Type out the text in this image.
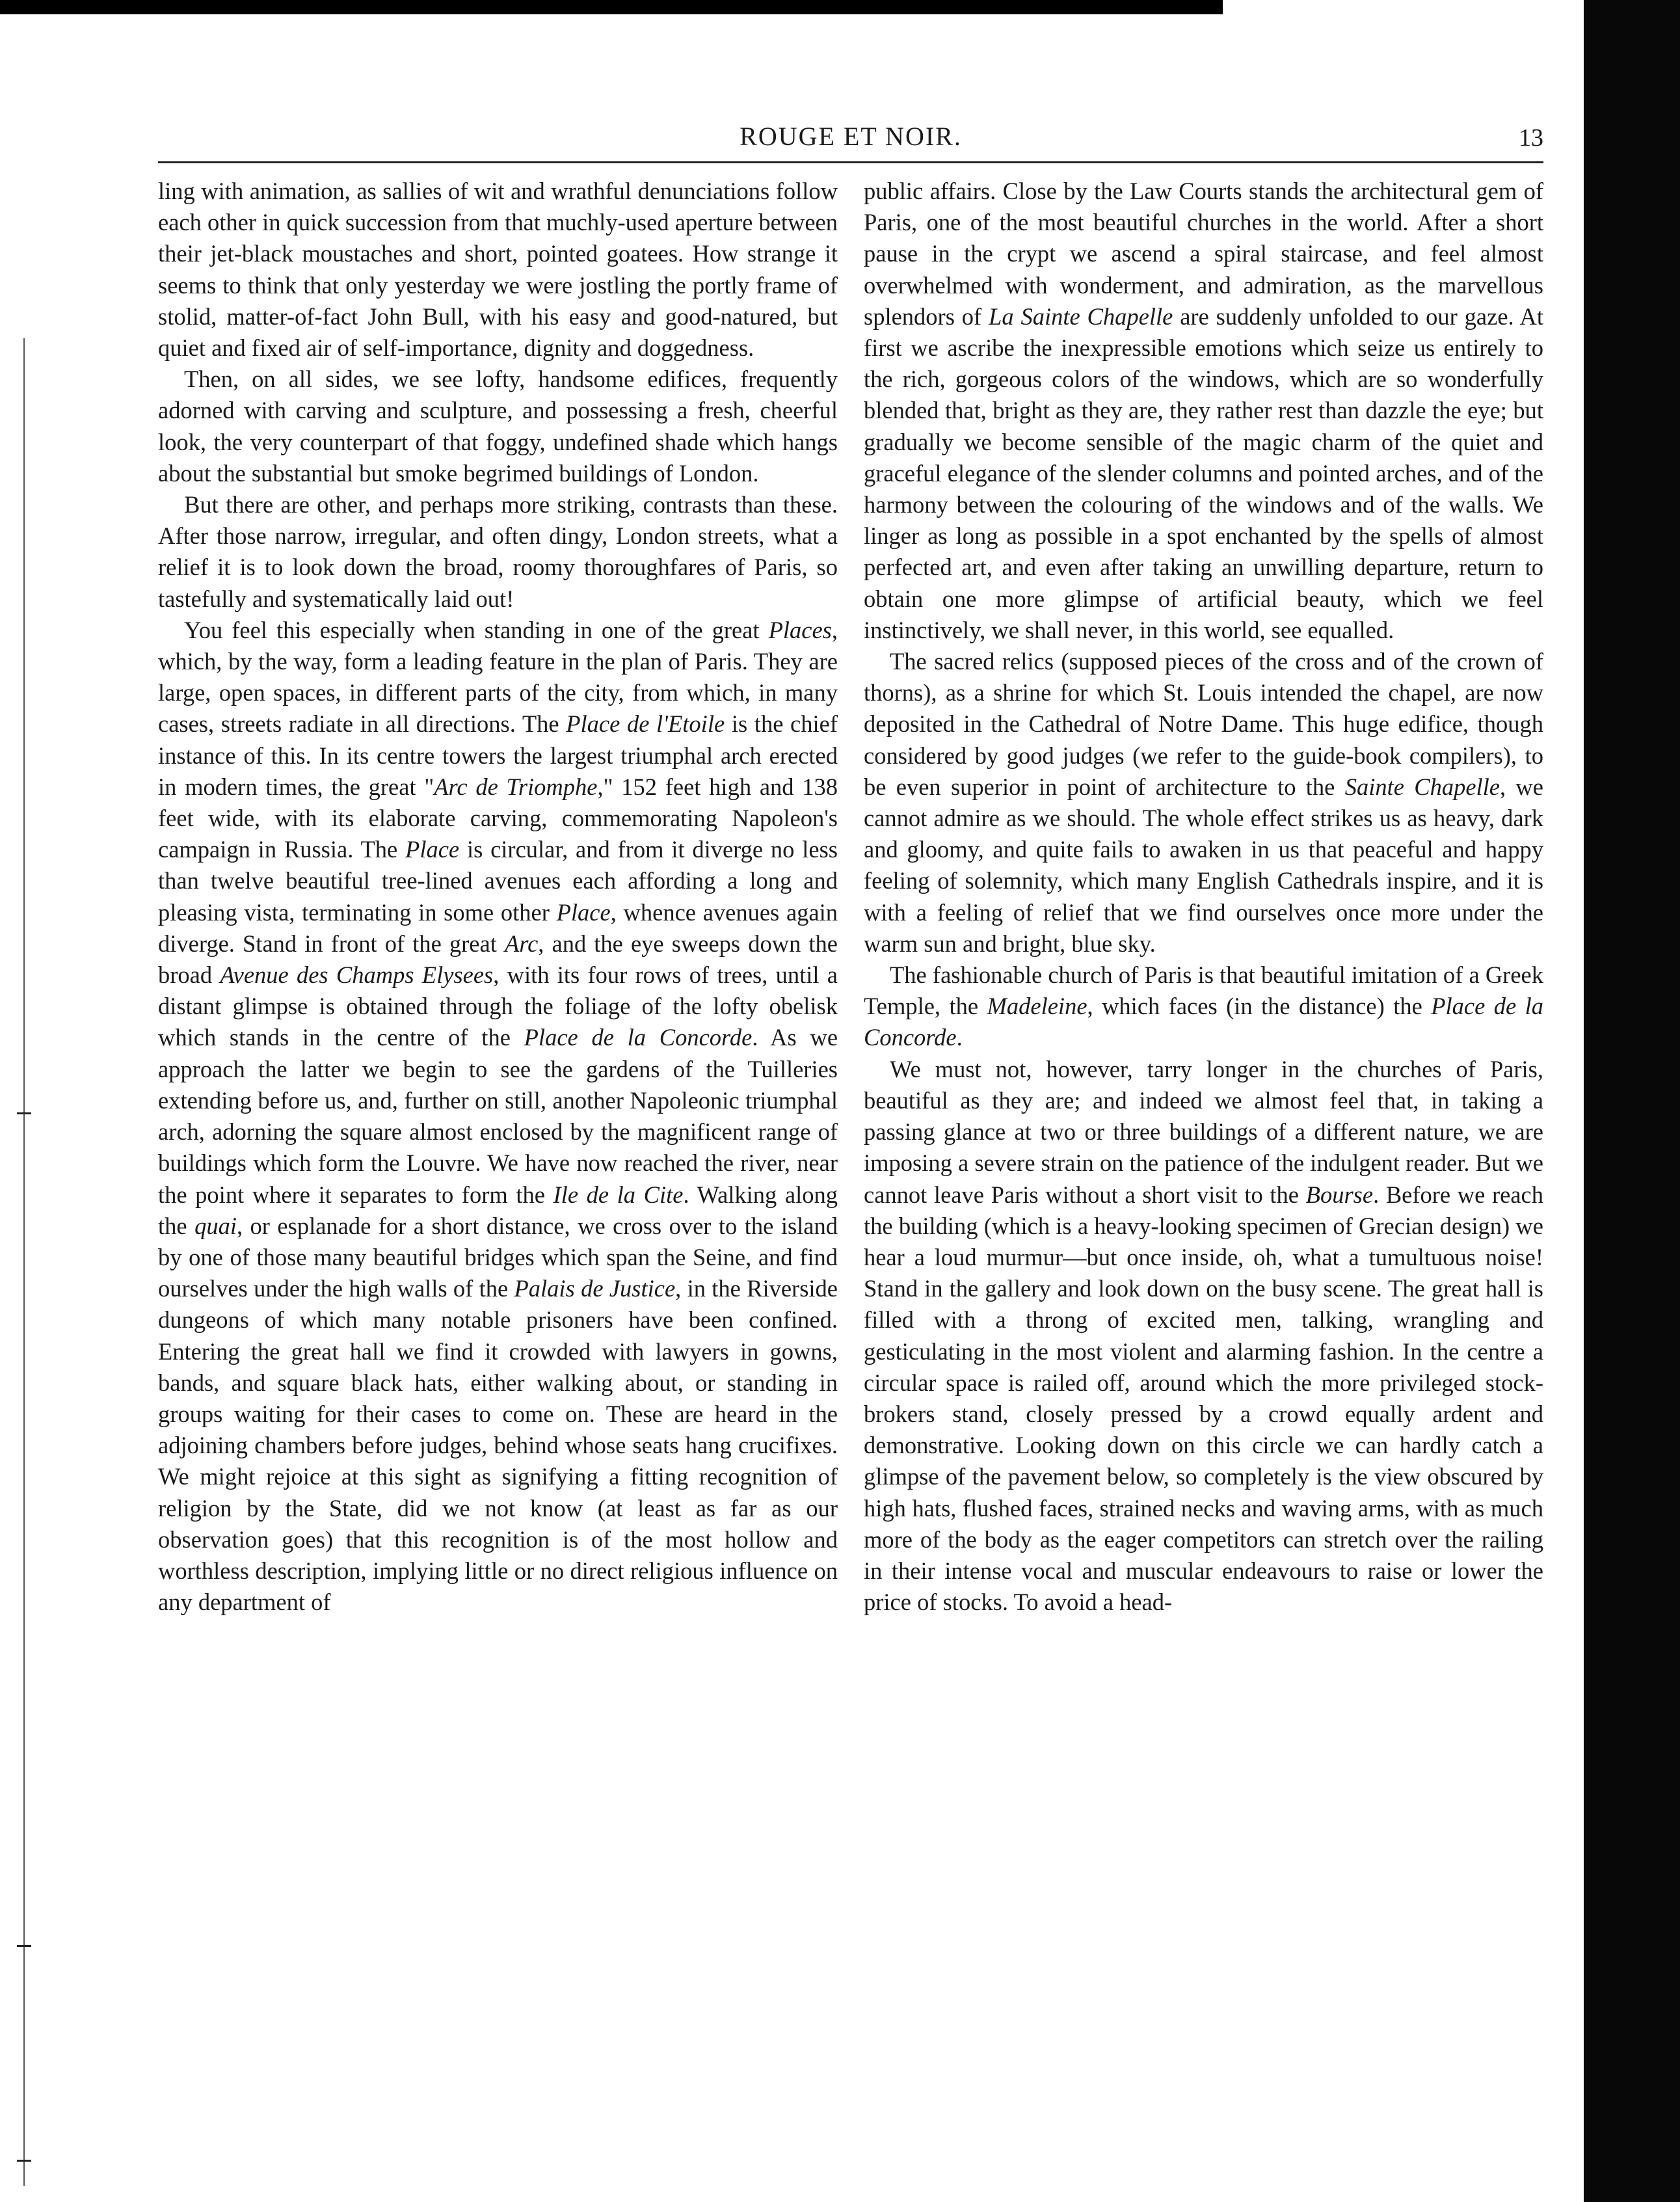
ROUGE ET NOIR.	13

ling with animation, as sallies of wit and wrathful denunciations follow each other in quick succession from that muchly-used aperture between their jet-black moustaches and short, pointed goatees. How strange it seems to think that only yesterday we were jostling the portly frame of stolid, matter-of-fact John Bull, with his easy and good-natured, but quiet and fixed air of self-importance, dignity and doggedness.

Then, on all sides, we see lofty, handsome edifices, frequently adorned with carving and sculpture, and possessing a fresh, cheerful look, the very counterpart of that foggy, undefined shade which hangs about the substantial but smoke begrimed buildings of London.

But there are other, and perhaps more striking, contrasts than these. After those narrow, irregular, and often dingy, London streets, what a relief it is to look down the broad, roomy thoroughfares of Paris, so tastefully and systematically laid out!

You feel this especially when standing in one of the great Places, which, by the way, form a leading feature in the plan of Paris. They are large, open spaces, in different parts of the city, from which, in many cases, streets radiate in all directions. The Place de l'Etoile is the chief instance of this. In its centre towers the largest triumphal arch erected in modern times, the great "Arc de Triomphe," 152 feet high and 138 feet wide, with its elaborate carving, commemorating Napoleon's campaign in Russia. The Place is circular, and from it diverge no less than twelve beautiful tree-lined avenues each affording a long and pleasing vista, terminating in some other Place, whence avenues again diverge. Stand in front of the great Arc, and the eye sweeps down the broad Avenue des Champs Elysees, with its four rows of trees, until a distant glimpse is obtained through the foliage of the lofty obelisk which stands in the centre of the Place de la Concorde. As we approach the latter we begin to see the gardens of the Tuilleries extending before us, and, further on still, another Napoleonic triumphal arch, adorning the square almost enclosed by the magnificent range of buildings which form the Louvre. We have now reached the river, near the point where it separates to form the Ile de la Cite. Walking along the quai, or esplanade for a short distance, we cross over to the island by one of those many beautiful bridges which span the Seine, and find ourselves under the high walls of the Palais de Justice, in the Riverside dungeons of which many notable prisoners have been confined. Entering the great hall we find it crowded with lawyers in gowns, bands, and square black hats, either walking about, or standing in groups waiting for their cases to come on. These are heard in the adjoining chambers before judges, behind whose seats hang crucifixes. We might rejoice at this sight as signifying a fitting recognition of religion by the State, did we not know (at least as far as our observation goes) that this recognition is of the most hollow and worthless description, implying little or no direct religious influence on any department of

public affairs. Close by the Law Courts stands the architectural gem of Paris, one of the most beautiful churches in the world. After a short pause in the crypt we ascend a spiral staircase, and feel almost overwhelmed with wonderment, and admiration, as the marvellous splendors of La Sainte Chapelle are suddenly unfolded to our gaze. At first we ascribe the inexpressible emotions which seize us entirely to the rich, gorgeous colors of the windows, which are so wonderfully blended that, bright as they are, they rather rest than dazzle the eye; but gradually we become sensible of the magic charm of the quiet and graceful elegance of the slender columns and pointed arches, and of the harmony between the colouring of the windows and of the walls. We linger as long as possible in a spot enchanted by the spells of almost perfected art, and even after taking an unwilling departure, return to obtain one more glimpse of artificial beauty, which we feel instinctively, we shall never, in this world, see equalled.

The sacred relics (supposed pieces of the cross and of the crown of thorns), as a shrine for which St. Louis intended the chapel, are now deposited in the Cathedral of Notre Dame. This huge edifice, though considered by good judges (we refer to the guide-book compilers), to be even superior in point of architecture to the Sainte Chapelle, we cannot admire as we should. The whole effect strikes us as heavy, dark and gloomy, and quite fails to awaken in us that peaceful and happy feeling of solemnity, which many English Cathedrals inspire, and it is with a feeling of relief that we find ourselves once more under the warm sun and bright, blue sky.

The fashionable church of Paris is that beautiful imitation of a Greek Temple, the Madeleine, which faces (in the distance) the Place de la Concorde.

We must not, however, tarry longer in the churches of Paris, beautiful as they are; and indeed we almost feel that, in taking a passing glance at two or three buildings of a different nature, we are imposing a severe strain on the patience of the indulgent reader. But we cannot leave Paris without a short visit to the Bourse. Before we reach the building (which is a heavy-looking specimen of Grecian design) we hear a loud murmur—but once inside, oh, what a tumultuous noise! Stand in the gallery and look down on the busy scene. The great hall is filled with a throng of excited men, talking, wrangling and gesticulating in the most violent and alarming fashion. In the centre a circular space is railed off, around which the more privileged stock-brokers stand, closely pressed by a crowd equally ardent and demonstrative. Looking down on this circle we can hardly catch a glimpse of the pavement below, so completely is the view obscured by high hats, flushed faces, strained necks and waving arms, with as much more of the body as the eager competitors can stretch over the railing in their intense vocal and muscular endeavours to raise or lower the price of stocks. To avoid a head-
